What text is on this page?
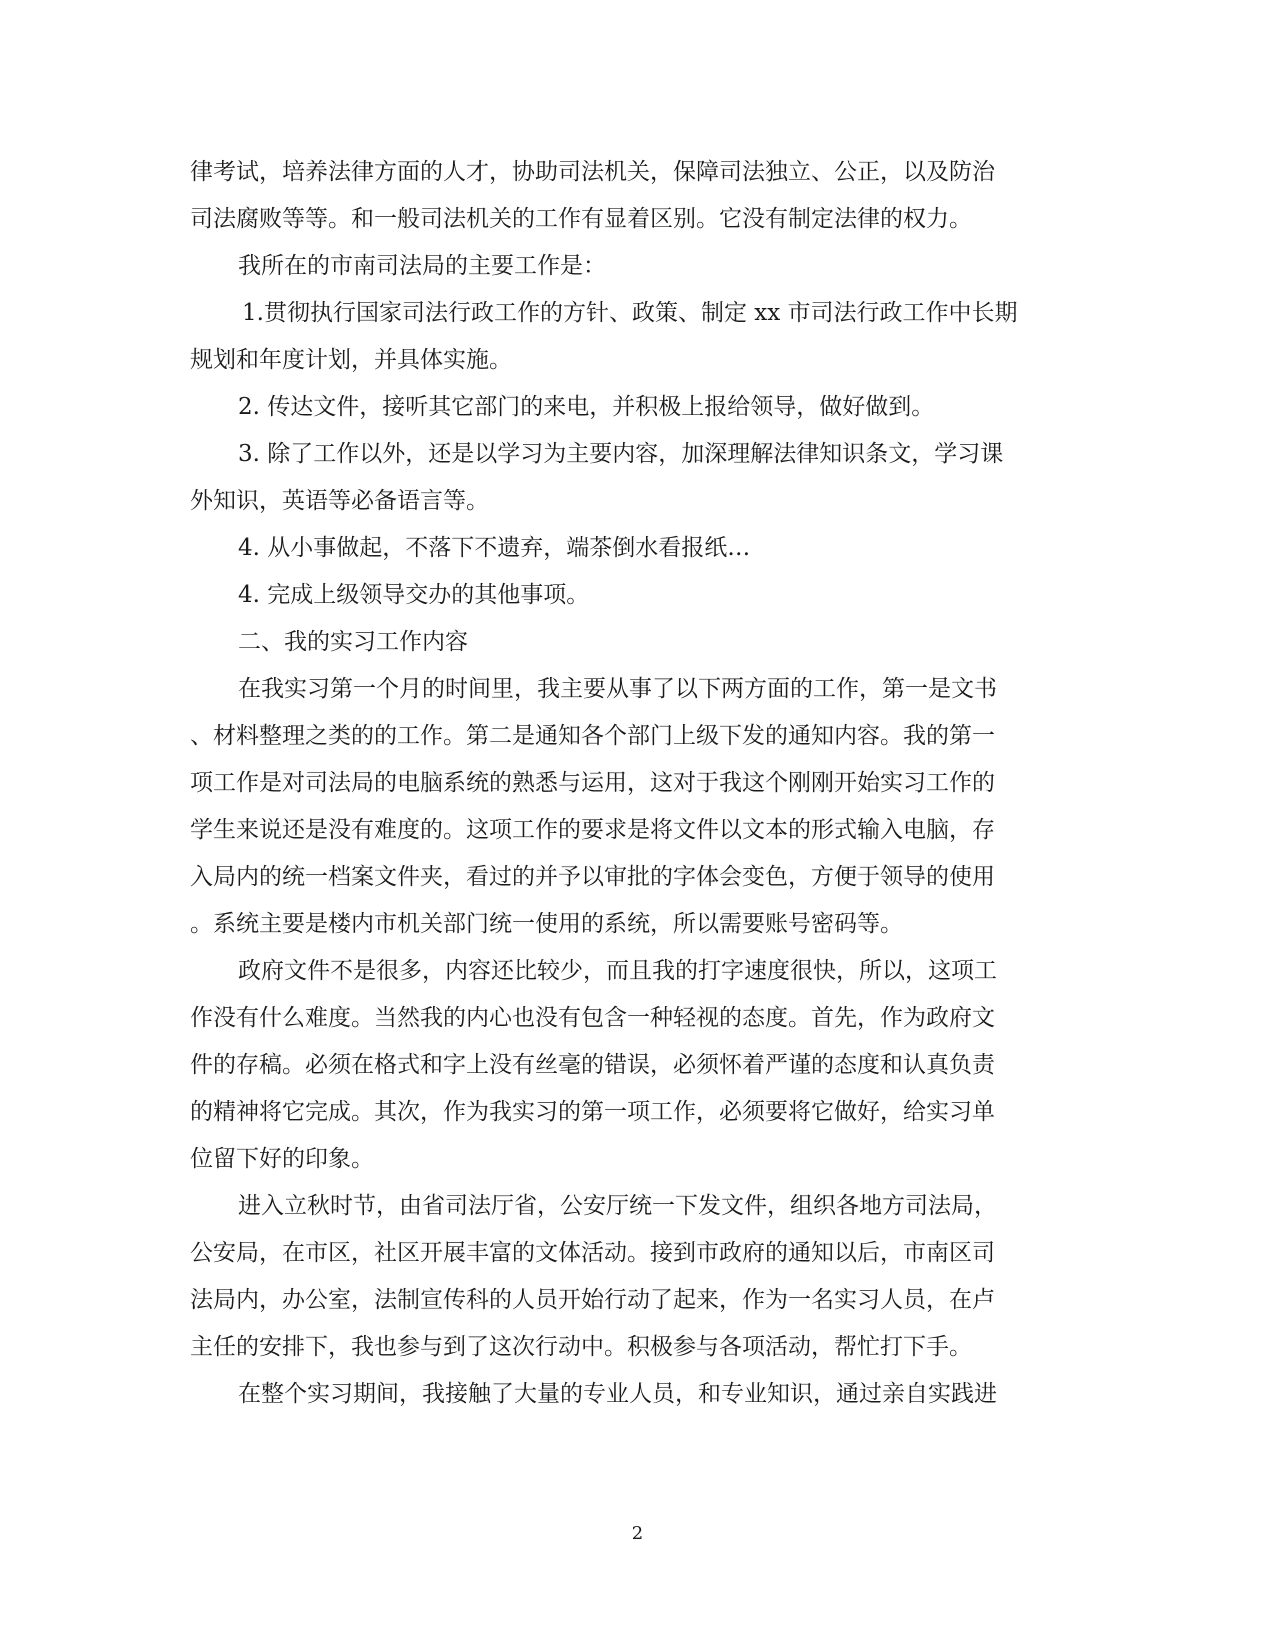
律考试，培养法律方面的人才，协助司法机关，保障司法独立、公正，以及防治
司法腐败等等。和一般司法机关的工作有显着区别。它没有制定法律的权力。
我所在的市南司法局的主要工作是：
1.贯彻执行国家司法行政工作的方针、政策、制定 xx 市司法行政工作中长期
规划和年度计划，并具体实施。
2. 传达文件，接听其它部门的来电，并积极上报给领导，做好做到。
3. 除了工作以外，还是以学习为主要内容，加深理解法律知识条文，学习课
外知识，英语等必备语言等。
4. 从小事做起，不落下不遗弃，端茶倒水看报纸…
4. 完成上级领导交办的其他事项。
二、我的实习工作内容
在我实习第一个月的时间里，我主要从事了以下两方面的工作，第一是文书
、材料整理之类的的工作。第二是通知各个部门上级下发的通知内容。我的第一
项工作是对司法局的电脑系统的熟悉与运用，这对于我这个刚刚开始实习工作的
学生来说还是没有难度的。这项工作的要求是将文件以文本的形式输入电脑，存
入局内的统一档案文件夹，看过的并予以审批的字体会变色，方便于领导的使用
。系统主要是楼内市机关部门统一使用的系统，所以需要账号密码等。
政府文件不是很多，内容还比较少，而且我的打字速度很快，所以，这项工
作没有什么难度。当然我的内心也没有包含一种轻视的态度。首先，作为政府文
件的存稿。必须在格式和字上没有丝毫的错误，必须怀着严谨的态度和认真负责
的精神将它完成。其次，作为我实习的第一项工作，必须要将它做好，给实习单
位留下好的印象。
进入立秋时节，由省司法厅省，公安厅统一下发文件，组织各地方司法局，
公安局，在市区，社区开展丰富的文体活动。接到市政府的通知以后，市南区司
法局内，办公室，法制宣传科的人员开始行动了起来，作为一名实习人员，在卢
主任的安排下，我也参与到了这次行动中。积极参与各项活动，帮忙打下手。
在整个实习期间，我接触了大量的专业人员，和专业知识，通过亲自实践进
2
